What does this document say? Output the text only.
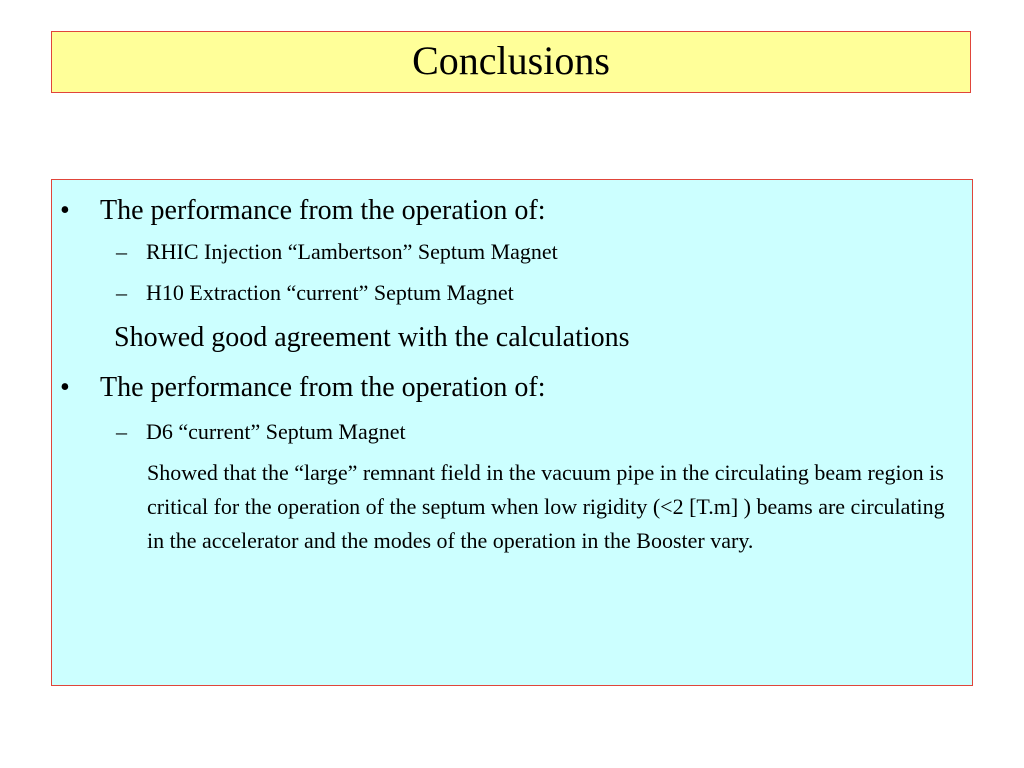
Conclusions
• The performance from the operation of:
– RHIC Injection “Lambertson” Septum Magnet
– H10 Extraction “current” Septum Magnet
Showed good agreement with the calculations
• The performance from the operation of:
– D6 “current” Septum Magnet
Showed that the “large” remnant field in the vacuum pipe in the circulating beam region is critical for the operation of the septum when low rigidity (<2 [T.m] ) beams are circulating in the accelerator and the modes of the operation in the Booster vary.
